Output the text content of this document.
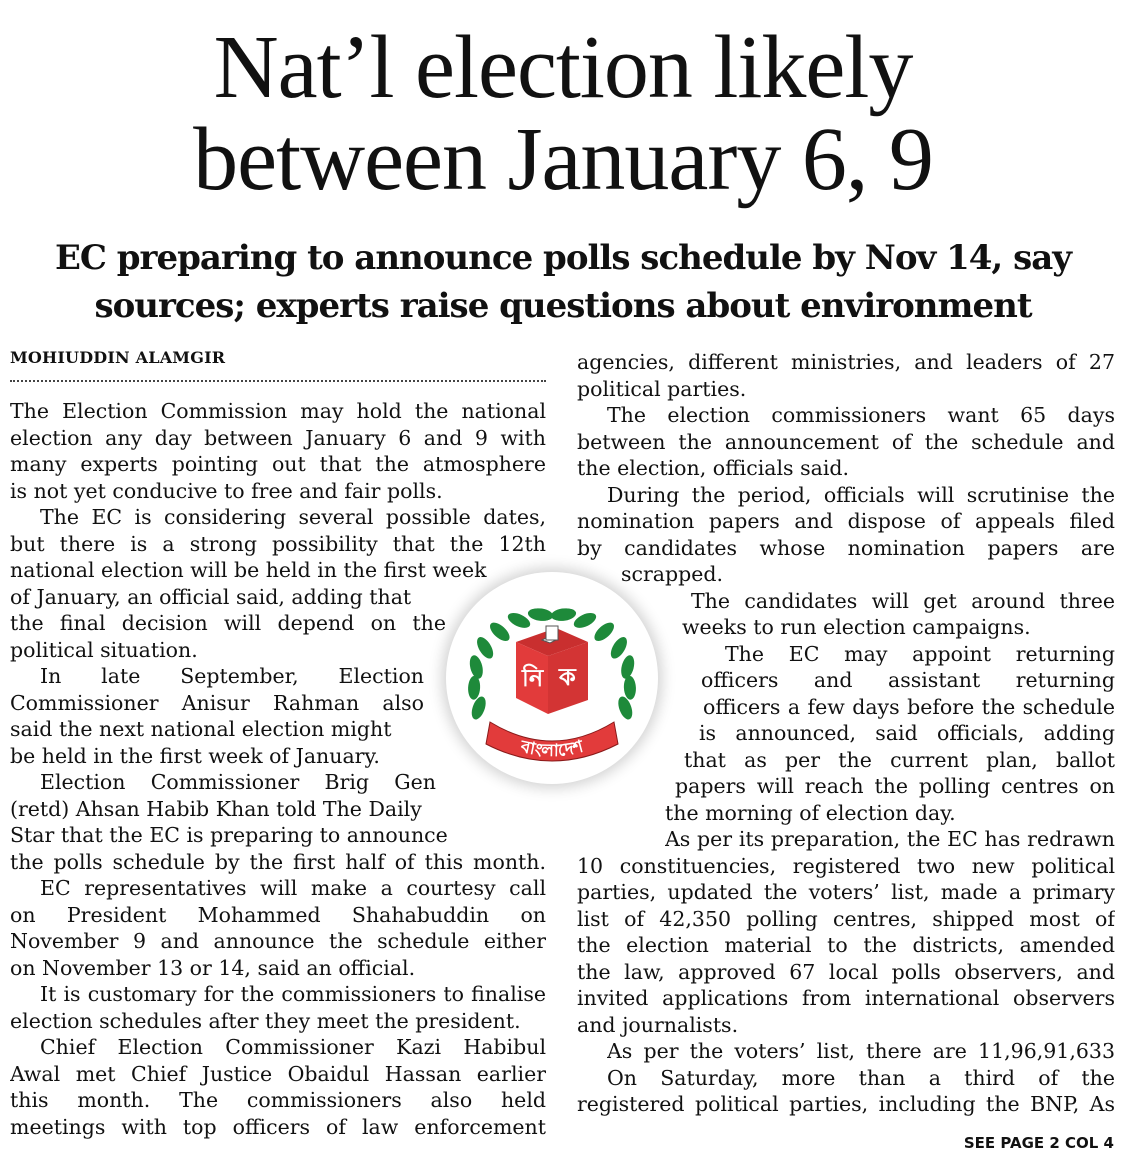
Nat’l election likely
between January 6, 9
EC preparing to announce polls schedule by Nov 14, say
sources; experts raise questions about environment
MOHIUDDIN ALAMGIR
The Election Commission may hold the national
election any day between January 6 and 9 with
many experts pointing out that the atmosphere
is not yet conducive to free and fair polls.
The EC is considering several possible dates,
but there is a strong possibility that the 12th
national election will be held in the first week
of January, an official said, adding that
the final decision will depend on the
political situation.
In late September, Election
Commissioner Anisur Rahman also
said the next national election might
be held in the first week of January.
Election Commissioner Brig Gen
(retd) Ahsan Habib Khan told The Daily
Star that the EC is preparing to announce
the polls schedule by the first half of this month.
EC representatives will make a courtesy call
on President Mohammed Shahabuddin on
November 9 and announce the schedule either
on November 13 or 14, said an official.
It is customary for the commissioners to finalise
election schedules after they meet the president.
Chief Election Commissioner Kazi Habibul
Awal met Chief Justice Obaidul Hassan earlier
this month. The commissioners also held
meetings with top officers of law enforcement
agencies, different ministries, and leaders of 27
political parties.
The election commissioners want 65 days
between the announcement of the schedule and
the election, officials said.
During the period, officials will scrutinise the
nomination papers and dispose of appeals filed
by candidates whose nomination papers are
scrapped.
The candidates will get around three
weeks to run election campaigns.
The EC may appoint returning
officers and assistant returning
officers a few days before the schedule
is announced, said officials, adding
that as per the current plan, ballot
papers will reach the polling centres on
the morning of election day.
As per its preparation, the EC has redrawn
10 constituencies, registered two new political
parties, updated the voters’ list, made a primary
list of 42,350 polling centres, shipped most of
the election material to the districts, amended
the law, approved 67 local polls observers, and
invited applications from international observers
and journalists.
As per the voters’ list, there are 11,96,91,633
On Saturday, more than a third of the
registered political parties, including the BNP, As
নি ক
বাংলাদেশ
SEE PAGE 2 COL 4
